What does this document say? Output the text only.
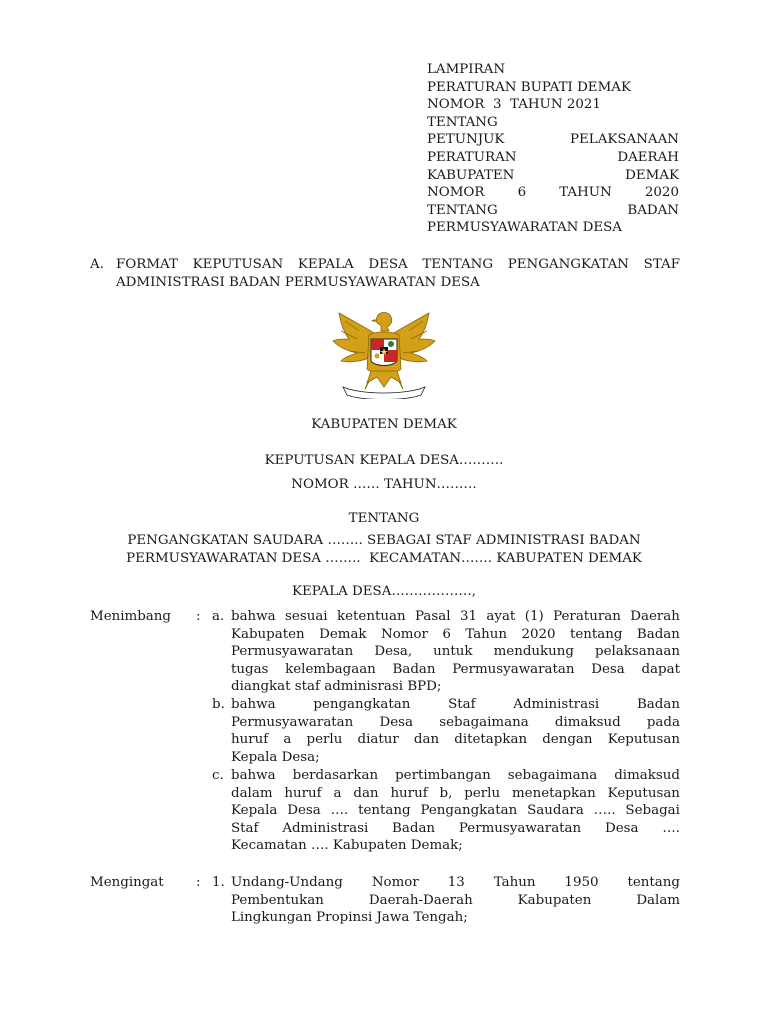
LAMPIRAN
PERATURAN BUPATI DEMAK
NOMOR  3  TAHUN 2021
TENTANG
PETUNJUK	PELAKSANAAN
PERATURAN	DAERAH
KABUPATEN	DEMAK
NOMOR 6 TAHUN 2020
TENTANG	BADAN
PERMUSYAWARATAN DESA
A. FORMAT KEPUTUSAN KEPALA DESA TENTANG PENGANGKATAN STAF
ADMINISTRASI BADAN PERMUSYAWARATAN DESA
KABUPATEN DEMAK
KEPUTUSAN KEPALA DESA……….
NOMOR …… TAHUN………
TENTANG
PENGANGKATAN SAUDARA …….. SEBAGAI STAF ADMINISTRASI BADAN
PERMUSYAWARATAN DESA ……..  KECAMATAN……. KABUPATEN DEMAK
KEPALA DESA………………,
Menimbang : a. bahwa sesuai ketentuan Pasal 31 ayat (1) Peraturan Daerah
Kabupaten Demak Nomor 6 Tahun 2020 tentang Badan
Permusyawaratan Desa, untuk mendukung pelaksanaan
tugas kelembagaan Badan Permusyawaratan Desa dapat
diangkat staf adminisrasi BPD;
b. bahwa	pengangkatan	Staf	Administrasi	Badan
Permusyawaratan Desa sebagaimana dimaksud pada
huruf a perlu diatur dan ditetapkan dengan Keputusan
Kepala Desa;
c. bahwa berdasarkan pertimbangan sebagaimana dimaksud
dalam huruf a dan huruf b, perlu menetapkan Keputusan
Kepala Desa …. tentang Pengangkatan Saudara ….. Sebagai
Staf Administrasi Badan Permusyawaratan Desa ….
Kecamatan …. Kabupaten Demak;
Mengingat : 1. Undang-Undang Nomor 13 Tahun 1950 tentang
Pembentukan	Daerah-Daerah	Kabupaten	Dalam
Lingkungan Propinsi Jawa Tengah;
